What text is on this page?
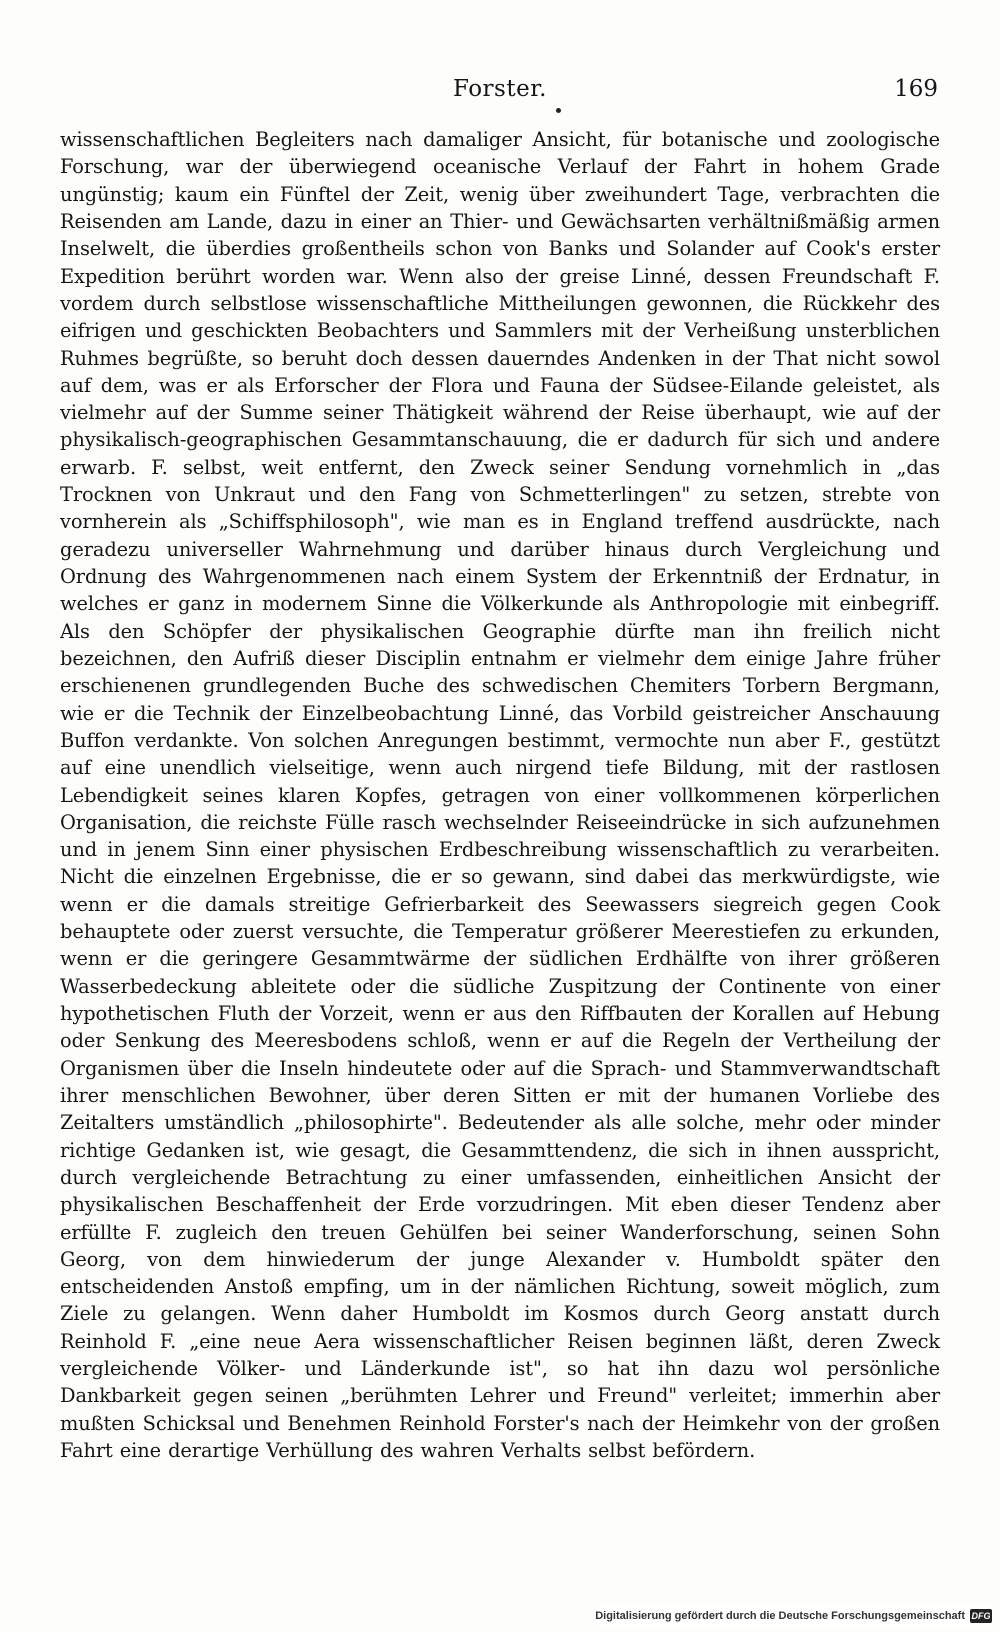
Forster.	169

wissenschaftlichen Begleiters nach damaliger Ansicht, für botanische und zoologische Forschung, war der überwiegend oceanische Verlauf der Fahrt in hohem Grade ungünstig; kaum ein Fünftel der Zeit, wenig über zweihundert Tage, verbrachten die Reisenden am Lande, dazu in einer an Thier- und Gewächsarten verhältnißmäßig armen Inselwelt, die überdies großentheils schon von Banks und Solander auf Cook's erster Expedition berührt worden war. Wenn also der greise Linné, dessen Freundschaft F. vordem durch selbstlose wissenschaftliche Mittheilungen gewonnen, die Rückkehr des eifrigen und geschickten Beobachters und Sammlers mit der Verheißung unsterblichen Ruhmes begrüßte, so beruht doch dessen dauerndes Andenken in der That nicht sowol auf dem, was er als Erforscher der Flora und Fauna der Südsee-Eilande geleistet, als vielmehr auf der Summe seiner Thätigkeit während der Reise überhaupt, wie auf der physikalisch-geographischen Gesammtanschauung, die er dadurch für sich und andere erwarb. F. selbst, weit entfernt, den Zweck seiner Sendung vornehmlich in „das Trocknen von Unkraut und den Fang von Schmetterlingen" zu setzen, strebte von vornherein als „Schiffsphilosoph", wie man es in England treffend ausdrückte, nach geradezu universeller Wahrnehmung und darüber hinaus durch Vergleichung und Ordnung des Wahrgenommenen nach einem System der Erkenntniß der Erdnatur, in welches er ganz in modernem Sinne die Völkerkunde als Anthropologie mit einbegriff. Als den Schöpfer der physikalischen Geographie dürfte man ihn freilich nicht bezeichnen, den Aufriß dieser Disciplin entnahm er vielmehr dem einige Jahre früher erschienenen grundlegenden Buche des schwedischen Chemiters Torbern Bergmann, wie er die Technik der Einzelbeobachtung Linné, das Vorbild geistreicher Anschauung Buffon verdankte. Von solchen Anregungen bestimmt, vermochte nun aber F., gestützt auf eine unendlich vielseitige, wenn auch nirgend tiefe Bildung, mit der rastlosen Lebendigkeit seines klaren Kopfes, getragen von einer vollkommenen körperlichen Organisation, die reichste Fülle rasch wechselnder Reiseeindrücke in sich aufzunehmen und in jenem Sinn einer physischen Erdbeschreibung wissenschaftlich zu verarbeiten. Nicht die einzelnen Ergebnisse, die er so gewann, sind dabei das merkwürdigste, wie wenn er die damals streitige Gefrierbarkeit des Seewassers siegreich gegen Cook behauptete oder zuerst versuchte, die Temperatur größerer Meerestiefen zu erkunden, wenn er die geringere Gesammtwärme der südlichen Erdhälfte von ihrer größeren Wasserbedeckung ableitete oder die südliche Zuspitzung der Continente von einer hypothetischen Fluth der Vorzeit, wenn er aus den Riffbauten der Korallen auf Hebung oder Senkung des Meeresbodens schloß, wenn er auf die Regeln der Vertheilung der Organismen über die Inseln hindeutete oder auf die Sprach- und Stammverwandtschaft ihrer menschlichen Bewohner, über deren Sitten er mit der humanen Vorliebe des Zeitalters umständlich „philosophirte". Bedeutender als alle solche, mehr oder minder richtige Gedanken ist, wie gesagt, die Gesammttendenz, die sich in ihnen ausspricht, durch vergleichende Betrachtung zu einer umfassenden, einheitlichen Ansicht der physikalischen Beschaffenheit der Erde vorzudringen. Mit eben dieser Tendenz aber erfüllte F. zugleich den treuen Gehülfen bei seiner Wanderforschung, seinen Sohn Georg, von dem hinwiederum der junge Alexander v. Humboldt später den entscheidenden Anstoß empfing, um in der nämlichen Richtung, soweit möglich, zum Ziele zu gelangen. Wenn daher Humboldt im Kosmos durch Georg anstatt durch Reinhold F. „eine neue Aera wissenschaftlicher Reisen beginnen läßt, deren Zweck vergleichende Völker- und Länderkunde ist", so hat ihn dazu wol persönliche Dankbarkeit gegen seinen „berühmten Lehrer und Freund" verleitet; immerhin aber mußten Schicksal und Benehmen Reinhold Forster's nach der Heimkehr von der großen Fahrt eine derartige Verhüllung des wahren Verhalts selbst befördern.

Digitalisierung gefördert durch die Deutsche Forschungsgemeinschaft DFG
